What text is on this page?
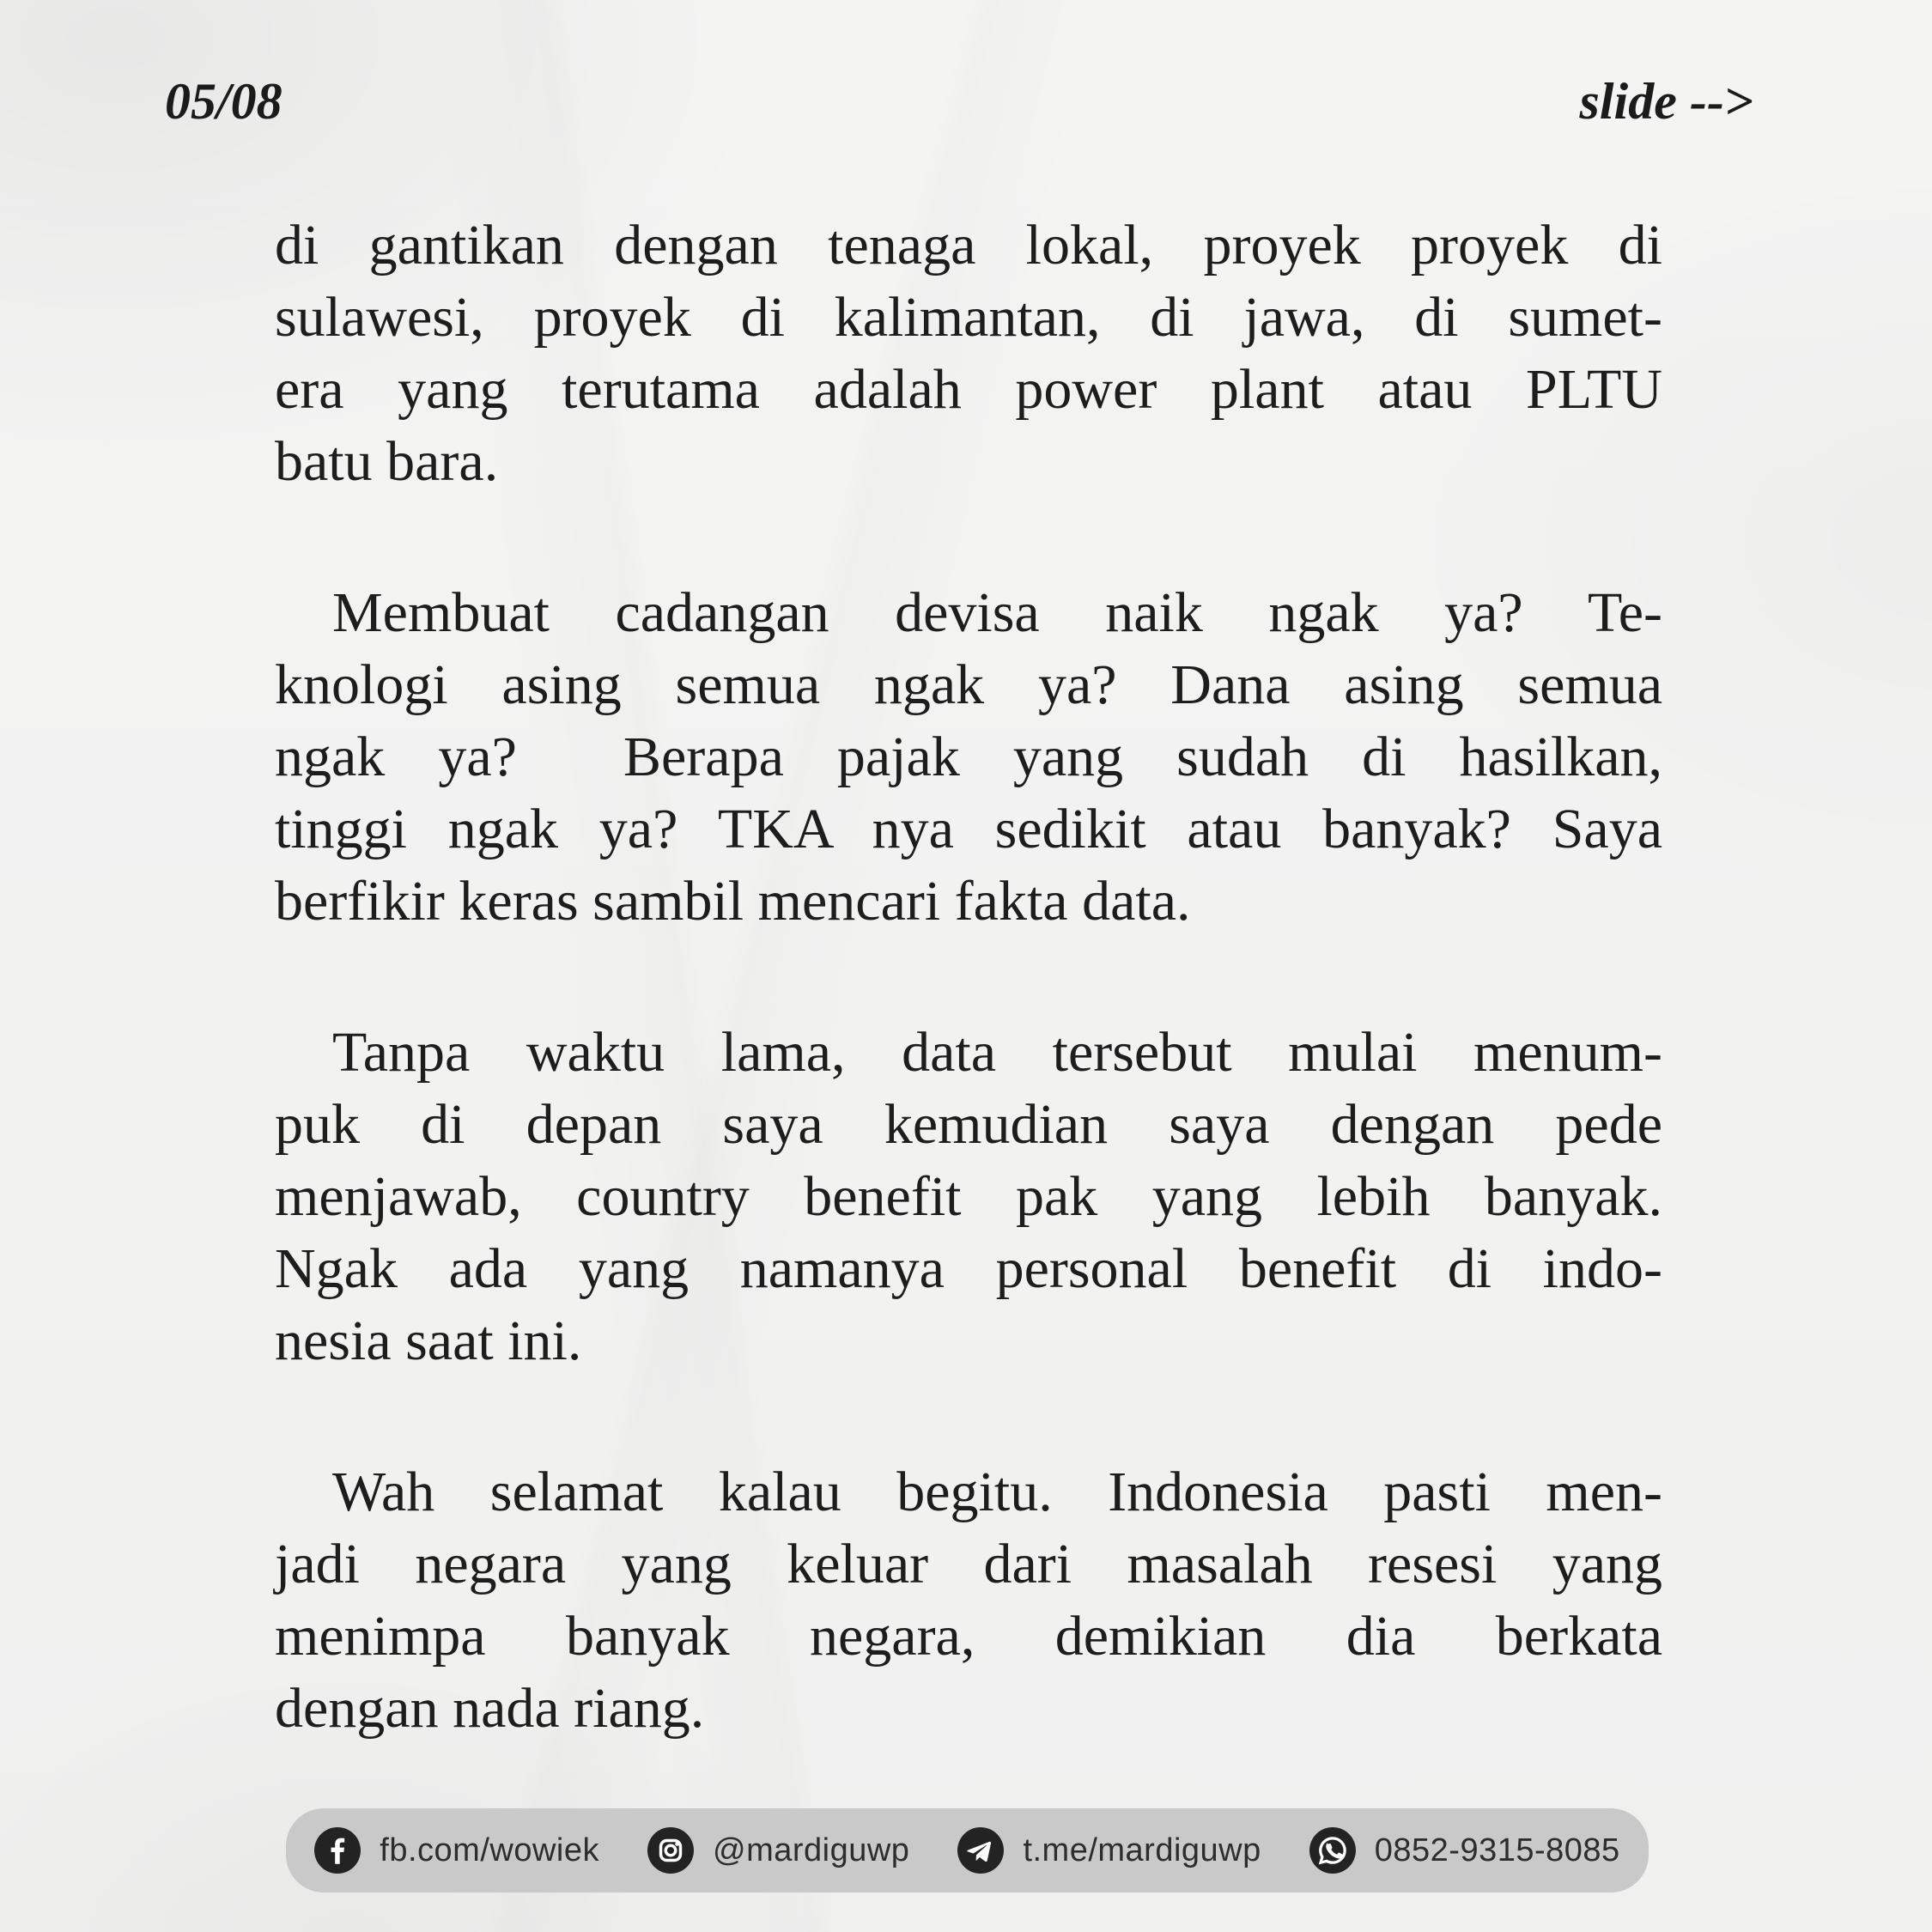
05/08	slide -->
di gantikan dengan tenaga lokal, proyek proyek di
sulawesi, proyek di kalimantan, di jawa, di sumet-
era yang terutama adalah power plant atau PLTU
batu bara.
Membuat cadangan devisa naik ngak ya? Te-
knologi asing semua ngak ya? Dana asing semua
ngak ya?  Berapa pajak yang sudah di hasilkan,
tinggi ngak ya? TKA nya sedikit atau banyak? Saya
berfikir keras sambil mencari fakta data.
Tanpa waktu lama, data tersebut mulai menum-
puk di depan saya kemudian saya dengan pede
menjawab, country benefit pak yang lebih banyak.
Ngak ada yang namanya personal benefit di indo-
nesia saat ini.
Wah selamat kalau begitu. Indonesia pasti men-
jadi negara yang keluar dari masalah resesi yang
menimpa banyak negara, demikian dia berkata
dengan nada riang.
fb.com/wowiek	@mardiguwp	t.me/mardiguwp	0852-9315-8085
